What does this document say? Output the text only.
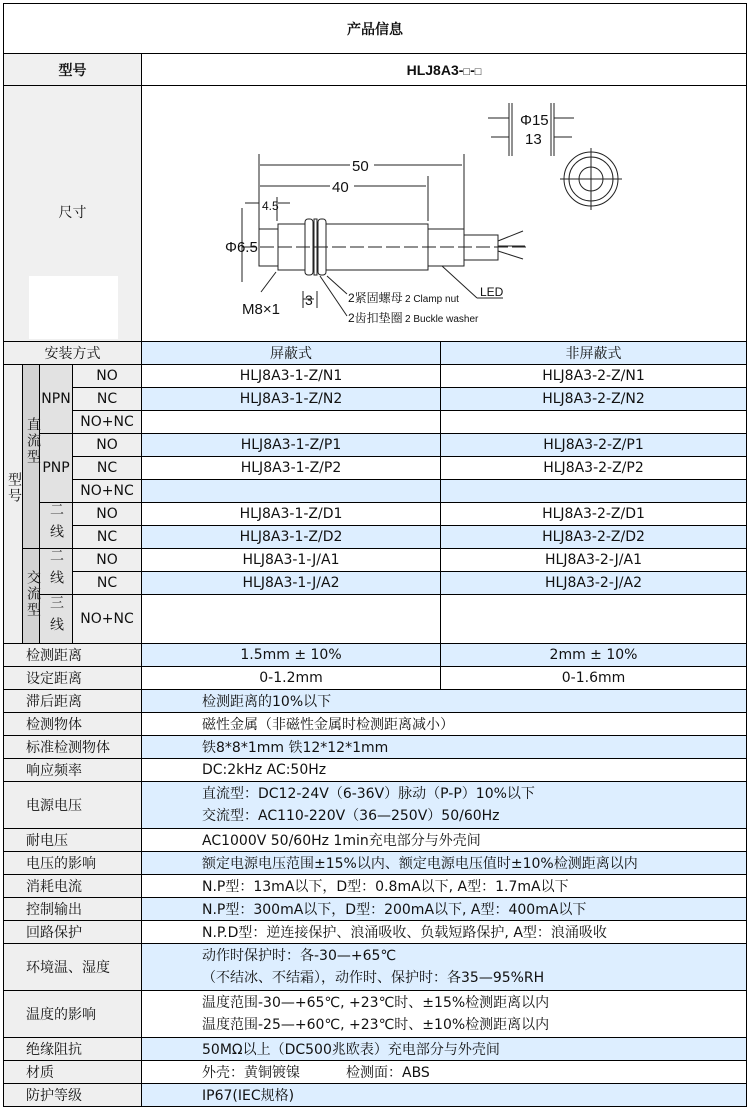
产品信息					
型号				HLJ8A3-□-□	
尺寸

Φ15
13
50
40
4.5
Φ6.5
M8×1
3	2紧固螺母 2 Clamp nut
2齿扣垫圈 2 Buckle washer
LED

安装方式				屏蔽式	非屏蔽式
型号	直流型	NPN	NO	HLJ8A3-1-Z/N1	HLJ8A3-2-Z/N1
			NC	HLJ8A3-1-Z/N2	HLJ8A3-2-Z/N2
			NO+NC		
		PNP	NO	HLJ8A3-1-Z/P1	HLJ8A3-2-Z/P1
			NC	HLJ8A3-1-Z/P2	HLJ8A3-2-Z/P2
			NO+NC		
		二线	NO	HLJ8A3-1-Z/D1	HLJ8A3-2-Z/D1
			NC	HLJ8A3-1-Z/D2	HLJ8A3-2-Z/D2
	交流型	二线	NO	HLJ8A3-1-J/A1	HLJ8A3-2-J/A1
			NC	HLJ8A3-1-J/A2	HLJ8A3-2-J/A2
		三线	NO+NC		

检测距离				1.5mm ± 10%	2mm ± 10%
设定距离				0-1.2mm	0-1.6mm
滞后距离				检测距离的10%以下	
检测物体				磁性金属（非磁性金属时检测距离减小）	
标准检测物体				铁8*8*1mm 铁12*12*1mm	
响应频率				DC:2kHz AC:50Hz	
电源电压				直流型：DC12-24V（6-36V）脉动（P-P）10%以下
交流型：AC110-220V（36—250V）50/60Hz	

耐电压				AC1000V 50/60Hz 1min充电部分与外壳间	
电压的影响				额定电源电压范围±15%以内、额定电源电压值时±10%检测距离以内	
消耗电流				N.P型：13mA以下，D型：0.8mA以下, A型：1.7mA以下	
控制输出				N.P型：300mA以下，D型：200mA以下, A型：400mA以下	
回路保护				N.P.D型：逆连接保护、浪涌吸收、负载短路保护, A型：浪涌吸收	
环境温、湿度				动作时保护时：各-30—+65℃
（不结冰、不结霜），动作时、保护时：各35—95%RH	

温度的影响				温度范围-30—+65℃, +23℃时、±15%检测距离以内
温度范围-25—+60℃, +23℃时、±10%检测距离以内	

绝缘阻抗				50MΩ以上（DC500兆欧表）充电部分与外壳间	
材质				外壳：黄铜镀镍 检测面：ABS	
防护等级				IP67(IEC规格)	
